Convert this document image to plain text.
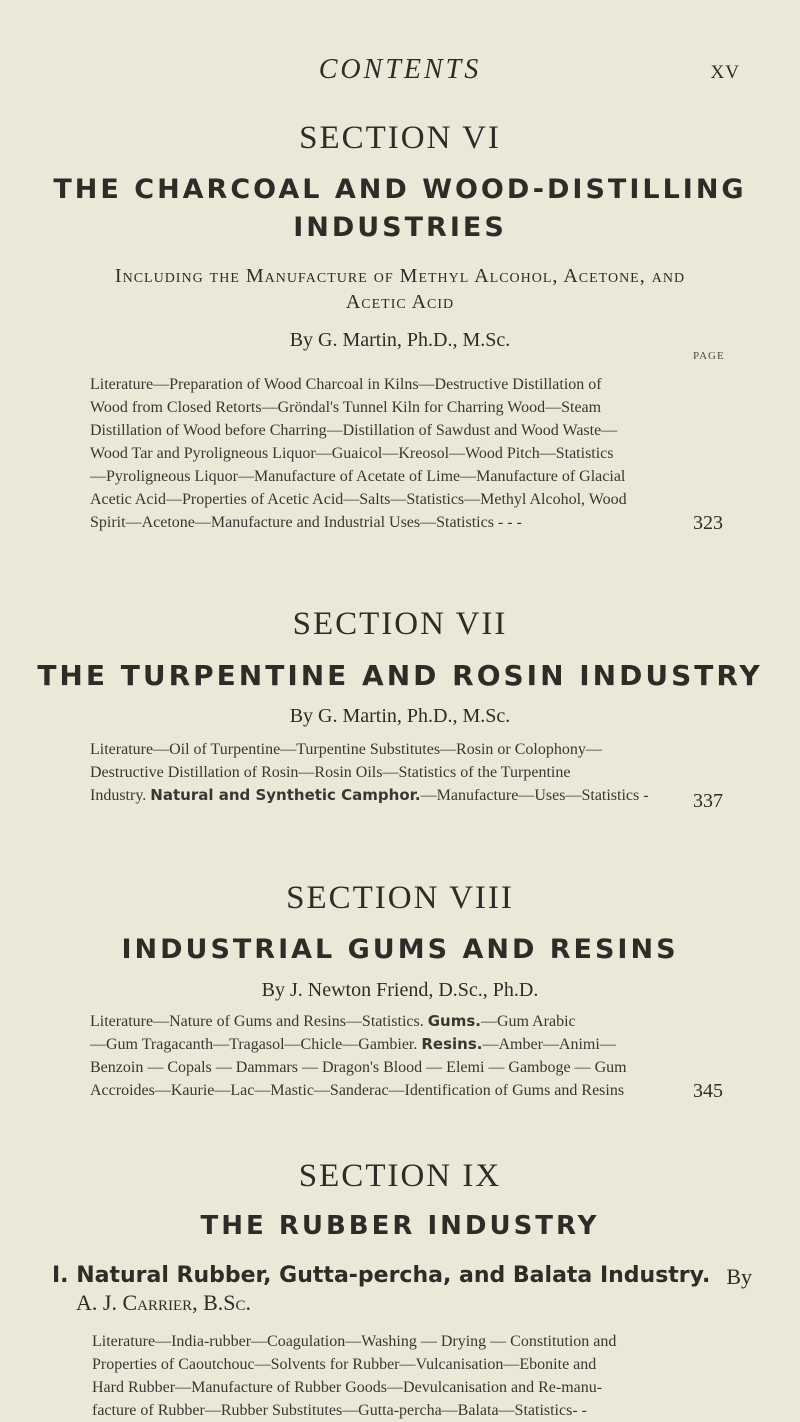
CONTENTS	XV
SECTION VI
THE CHARCOAL AND WOOD-DISTILLING
INDUSTRIES
Including the Manufacture of Methyl Alcohol, Acetone, and
Acetic Acid
By G. Martin, Ph.D., M.Sc.
PAGE
Literature—Preparation of Wood Charcoal in Kilns—Destructive Distillation of
Wood from Closed Retorts—Gröndal's Tunnel Kiln for Charring Wood—Steam
Distillation of Wood before Charring—Distillation of Sawdust and Wood Waste—
Wood Tar and Pyroligneous Liquor—Guaicol—Kreosol—Wood Pitch—Statistics
—Pyroligneous Liquor—Manufacture of Acetate of Lime—Manufacture of Glacial
Acetic Acid—Properties of Acetic Acid—Salts—Statistics—Methyl Alcohol, Wood
Spirit—Acetone—Manufacture and Industrial Uses—Statistics - - -	323
SECTION VII
THE TURPENTINE AND ROSIN INDUSTRY
By G. Martin, Ph.D., M.Sc.
Literature—Oil of Turpentine—Turpentine Substitutes—Rosin or Colophony—
Destructive Distillation of Rosin—Rosin Oils—Statistics of the Turpentine
Industry. Natural and Synthetic Camphor.—Manufacture—Uses—Statistics -	337
SECTION VIII
INDUSTRIAL GUMS AND RESINS
By J. Newton Friend, D.Sc., Ph.D.
Literature—Nature of Gums and Resins—Statistics. Gums.—Gum Arabic
—Gum Tragacanth—Tragasol—Chicle—Gambier. Resins.—Amber—Animi—
Benzoin — Copals — Dammars — Dragon's Blood — Elemi — Gamboge — Gum
Accroides—Kaurie—Lac—Mastic—Sanderac—Identification of Gums and Resins	345
SECTION IX
THE RUBBER INDUSTRY
I. Natural Rubber, Gutta-percha, and Balata Industry. By
A. J. Carrier, B.Sc.
Literature—India-rubber—Coagulation—Washing — Drying — Constitution and
Properties of Caoutchouc—Solvents for Rubber—Vulcanisation—Ebonite and
Hard Rubber—Manufacture of Rubber Goods—Devulcanisation and Re-manu-
facture of Rubber—Rubber Substitutes—Gutta-percha—Balata—Statistics- -
